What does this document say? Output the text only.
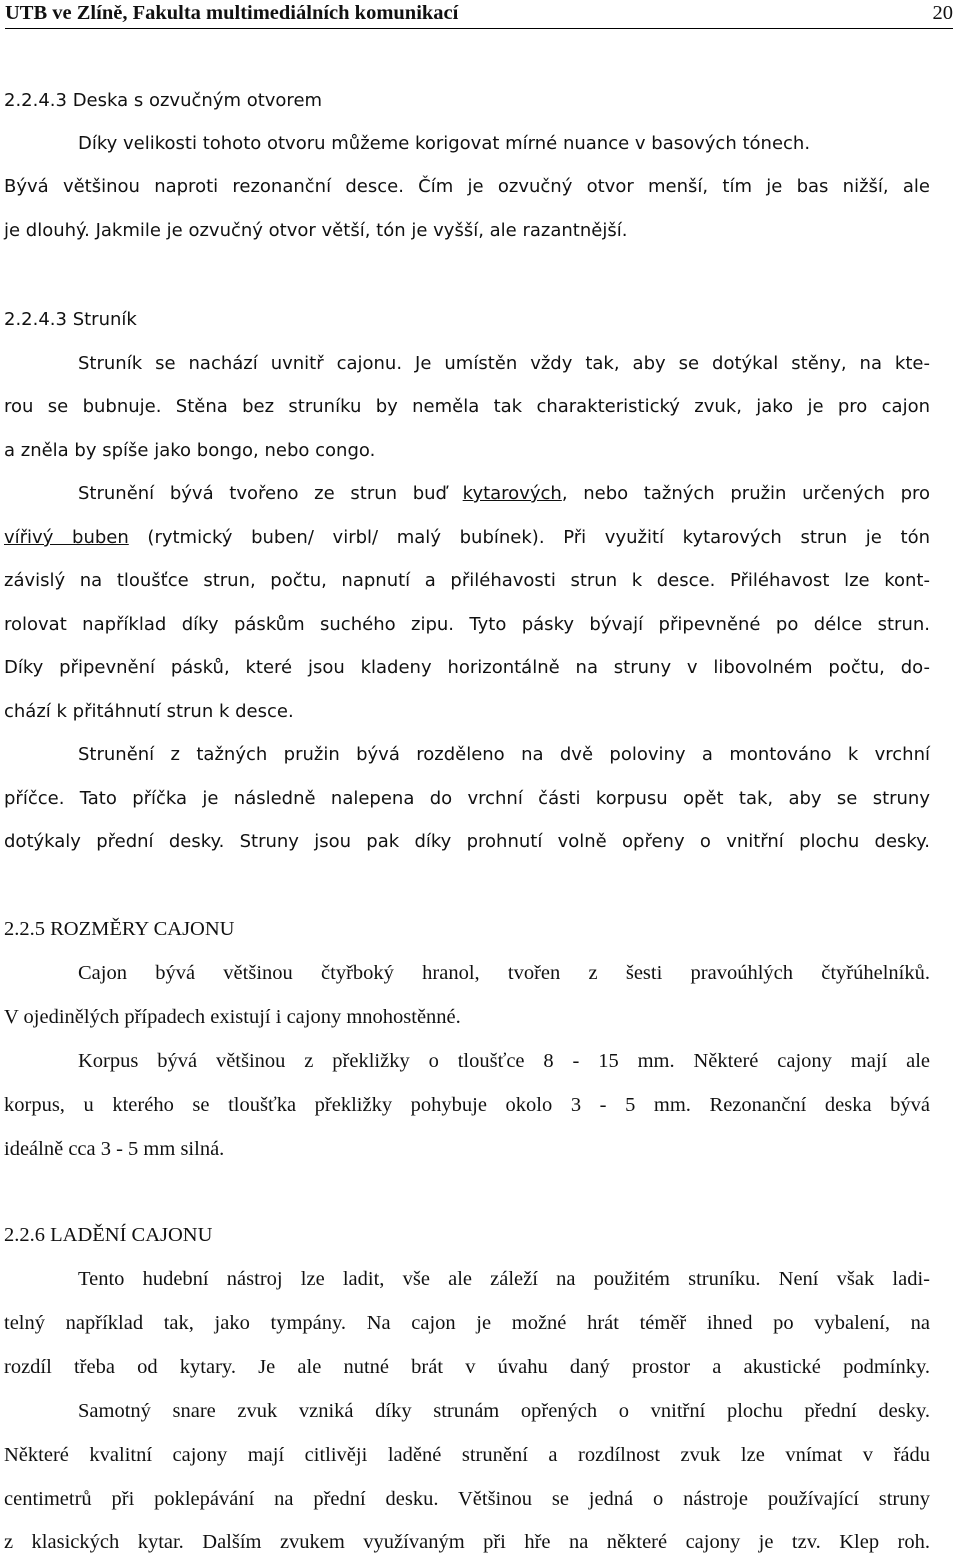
UTB ve Zlíně, Fakulta multimediálních komunikací	20
2.2.4.3 Deska s ozvučným otvorem
Díky velikosti tohoto otvoru můžeme korigovat mírné nuance v basových tónech.
Bývá většinou naproti rezonanční desce. Čím je ozvučný otvor menší, tím je bas nižší, ale
je dlouhý. Jakmile je ozvučný otvor větší, tón je vyšší, ale razantnější.
2.2.4.3 Struník
Struník se nachází uvnitř cajonu. Je umístěn vždy tak, aby se dotýkal stěny, na kte-
rou se bubnuje. Stěna bez struníku by neměla tak charakteristický zvuk, jako je pro cajon
a zněla by spíše jako bongo, nebo congo.
Strunění bývá tvořeno ze strun buď kytarových, nebo tažných pružin určených pro
vířivý buben (rytmický buben/ virbl/ malý bubínek). Při využití kytarových strun je tón
závislý na tloušťce strun, počtu, napnutí a přiléhavosti strun k desce. Přiléhavost lze kont-
rolovat například díky páskům suchého zipu. Tyto pásky bývají připevněné po délce strun.
Díky připevnění pásků, které jsou kladeny horizontálně na struny v libovolném počtu, do-
chází k přitáhnutí strun k desce.
Strunění z tažných pružin bývá rozděleno na dvě poloviny a montováno k vrchní
příčce. Tato příčka je následně nalepena do vrchní části korpusu opět tak, aby se struny
dotýkaly přední desky. Struny jsou pak díky prohnutí volně opřeny o vnitřní plochu desky.
2.2.5 ROZMĚRY CAJONU
Cajon bývá většinou čtyřboký hranol, tvořen z šesti pravoúhlých čtyřúhelníků.
V ojedinělých případech existují i cajony mnohostěnné.
Korpus bývá většinou z překližky o tloušťce 8 - 15 mm. Některé cajony mají ale
korpus, u kterého se tloušťka překližky pohybuje okolo 3 - 5 mm. Rezonanční deska bývá
ideálně cca 3 - 5 mm silná.
2.2.6 LADĚNÍ CAJONU
Tento hudební nástroj lze ladit, vše ale záleží na použitém struníku. Není však ladi-
telný například tak, jako tympány. Na cajon je možné hrát téměř ihned po vybalení, na
rozdíl třeba od kytary. Je ale nutné brát v úvahu daný prostor a akustické podmínky.
Samotný snare zvuk vzniká díky strunám opřených o vnitřní plochu přední desky.
Některé kvalitní cajony mají citlivěji laděné strunění a rozdílnost zvuk lze vnímat v řádu
centimetrů při poklepávání na přední desku. Většinou se jedná o nástroje používající struny
z klasických kytar. Dalším zvukem využívaným při hře na některé cajony je tzv. Klep roh.
